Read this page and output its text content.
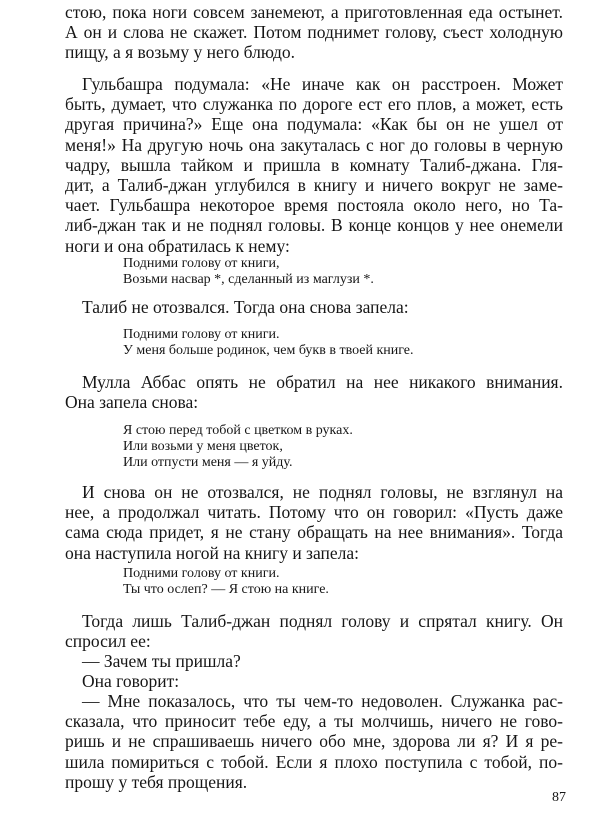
стою, пока ноги совсем занемеют, а приготовленная еда остынет.
А он и слова не скажет. Потом поднимет голову, съест холодную
пищу, а я возьму у него блюдо.
Гульбашра подумала: «Не иначе как он расстроен. Может
быть, думает, что служанка по дороге ест его плов, а может, есть
другая причина?» Еще она подумала: «Как бы он не ушел от
меня!» На другую ночь она закуталась с ног до головы в черную
чадру, вышла тайком и пришла в комнату Талиб-джана. Гля-
дит, а Талиб-джан углубился в книгу и ничего вокруг не заме-
чает. Гульбашра некоторое время постояла около него, но Та-
либ-джан так и не поднял головы. В конце концов у нее онемели
ноги и она обратилась к нему:
Подними голову от книги,
Возьми насвар *, сделанный из маглузи *.
Талиб не отозвался. Тогда она снова запела:
Подними голову от книги.
У меня больше родинок, чем букв в твоей книге.
Мулла Аббас опять не обратил на нее никакого внимания.
Она запела снова:
Я стою перед тобой с цветком в руках.
Или возьми у меня цветок,
Или отпусти меня — я уйду.
И снова он не отозвался, не поднял головы, не взглянул на
нее, а продолжал читать. Потому что он говорил: «Пусть даже
сама сюда придет, я не стану обращать на нее внимания». Тогда
она наступила ногой на книгу и запела:
Подними голову от книги.
Ты что ослеп? — Я стою на книге.
Тогда лишь Талиб-джан поднял голову и спрятал книгу. Он
спросил ее:
— Зачем ты пришла?
Она говорит:
— Мне показалось, что ты чем-то недоволен. Служанка рас-
сказала, что приносит тебе еду, а ты молчишь, ничего не гово-
ришь и не спрашиваешь ничего обо мне, здорова ли я? И я ре-
шила помириться с тобой. Если я плохо поступила с тобой, по-
прошу у тебя прощения.
87
